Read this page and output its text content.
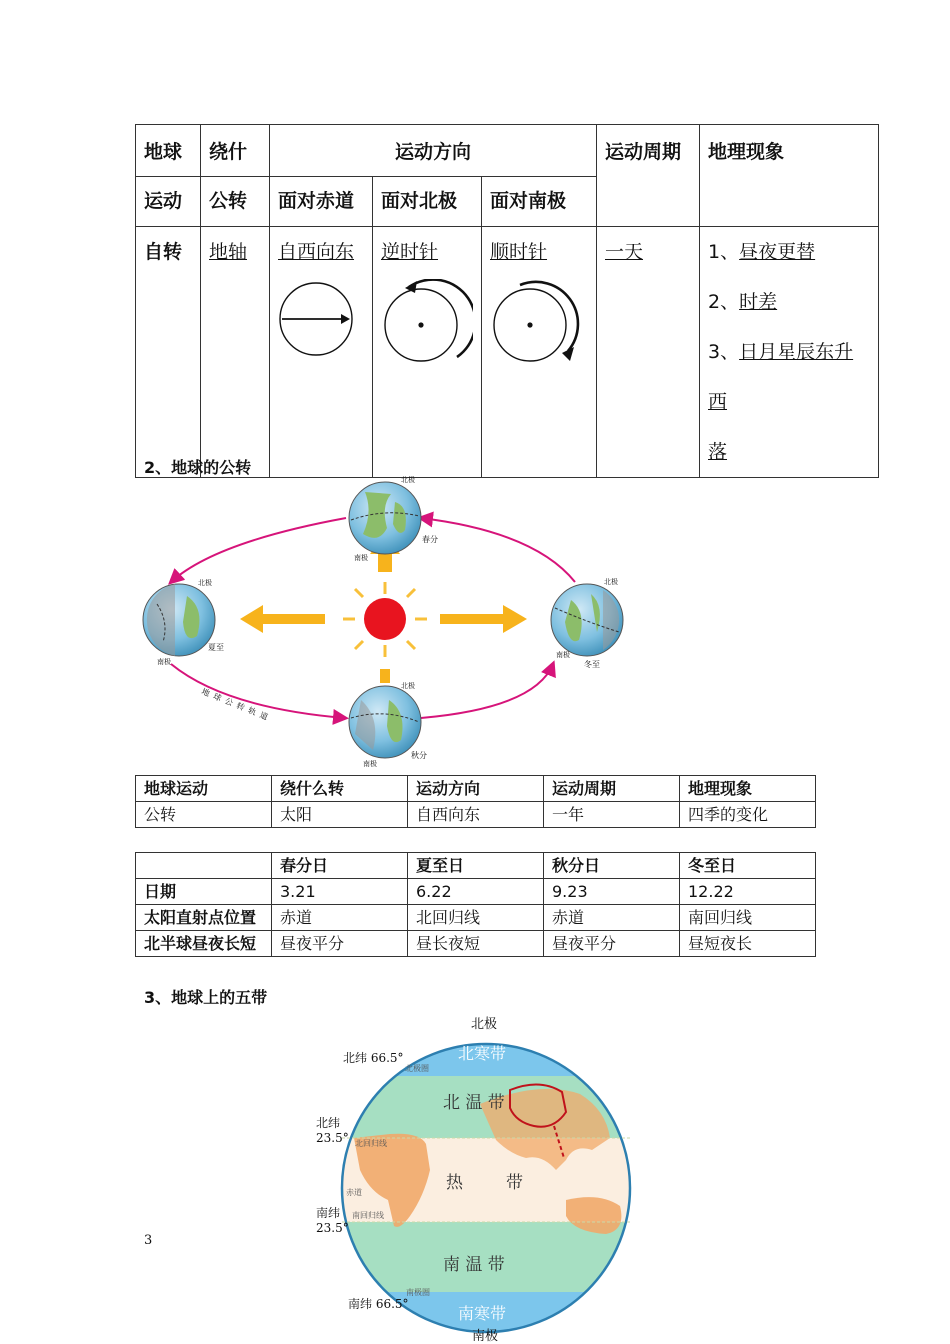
地球	绕什	运动方向			运动周期	地理现象
运动	公转	面对赤道	面对北极	面对南极		
自转	地轴	自西向东	逆时针	顺时针	一天	1、昼夜更替
2、时差
3、日月星辰东升西
落
2、地球的公转
北极
南极
春分
北极
南极
夏至
北极
南极
冬至
北极
南极
秋分
地 球 公 转 轨 道
地球运动	绕什么转	运动方向	运动周期	地理现象
公转	太阳	自西向东	一年	四季的变化
	春分日	夏至日	秋分日	冬至日
日期	3.21	6.22	9.23	12.22
太阳直射点位置	赤道	北回归线	赤道	南回归线
北半球昼夜长短	昼夜平分	昼长夜短	昼夜平分	昼短夜长
3、地球上的五带
北极
北纬 66.5°
北纬
23.5°
南纬
23.5°
南纬 66.5°
南极
北寒带
北 温 带
热	带
南 温 带
南寒带
北极圈
北回归线
赤道
南回归线
南极圈
3
